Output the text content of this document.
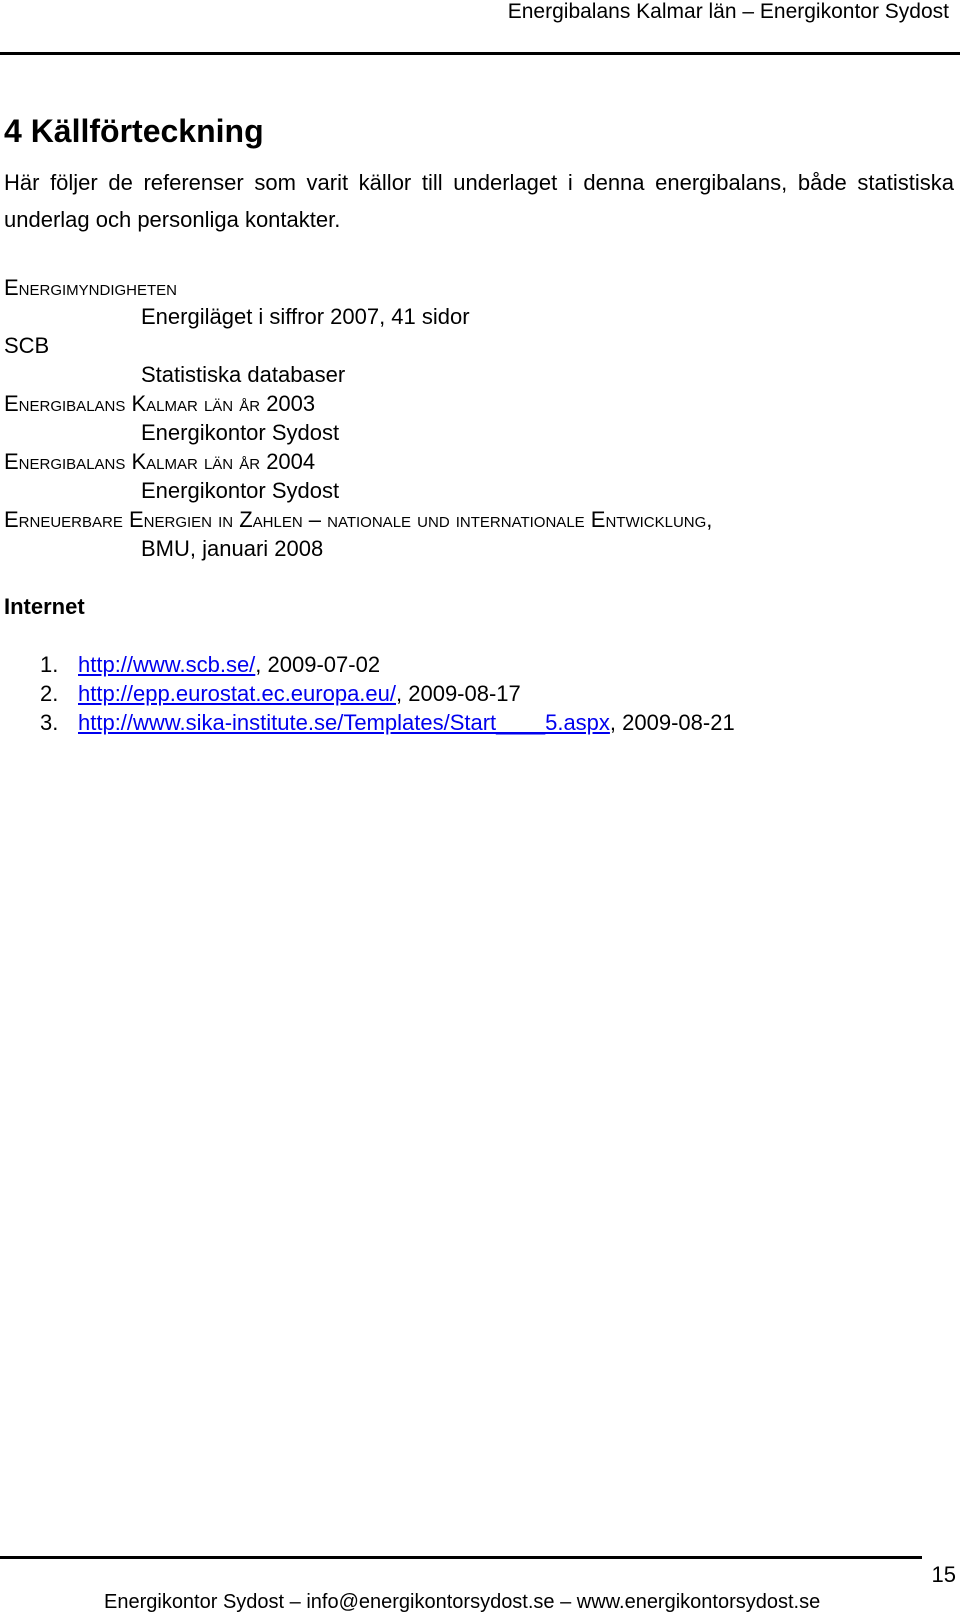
Energibalans Kalmar län – Energikontor Sydost
4 Källförteckning

Här följer de referenser som varit källor till underlaget i denna energibalans, både statistiska underlag och personliga kontakter.

Energimyndigheten
Energiläget i siffror 2007, 41 sidor
SCB
Statistiska databaser
Energibalans Kalmar län år 2003
Energikontor Sydost
Energibalans Kalmar län år 2004
Energikontor Sydost
Erneuerbare Energien in Zahlen – nationale und internationale Entwicklung,
BMU, januari 2008
Internet
1. http://www.scb.se/, 2009-07-02
2. http://epp.eurostat.ec.europa.eu/, 2009-08-17
3. http://www.sika-institute.se/Templates/Start____5.aspx, 2009-08-21
15
Energikontor Sydost – info@energikontorsydost.se – www.energikontorsydost.se
